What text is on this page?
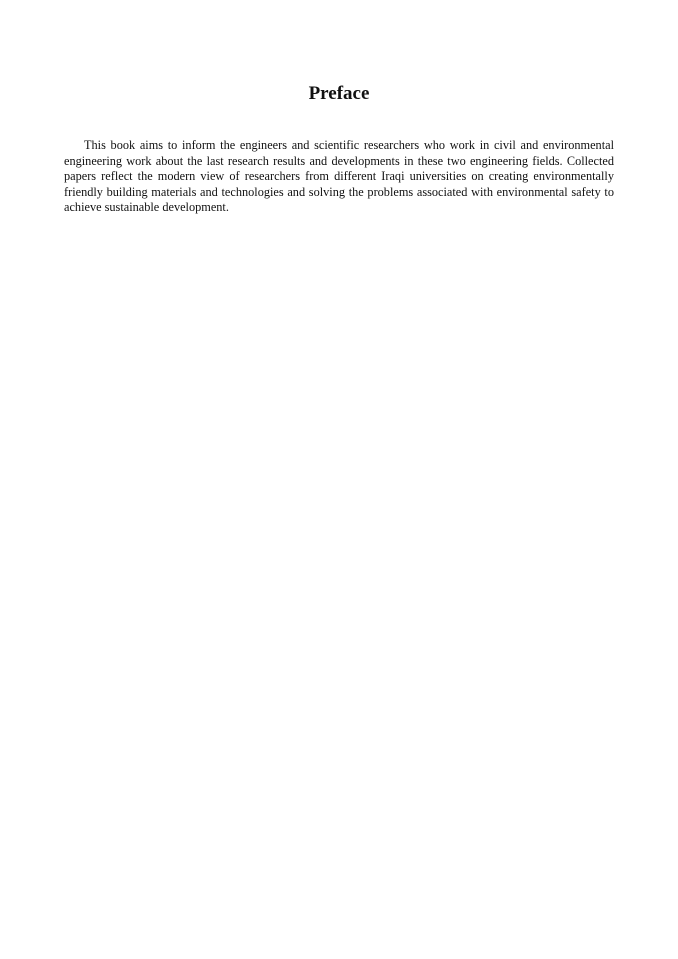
Preface

This book aims to inform the engineers and scientific researchers who work in civil and environmental engineering work about the last research results and developments in these two engineering fields. Collected papers reflect the modern view of researchers from different Iraqi universities on creating environmentally friendly building materials and technologies and solving the problems associated with environmental safety to achieve sustainable development.
